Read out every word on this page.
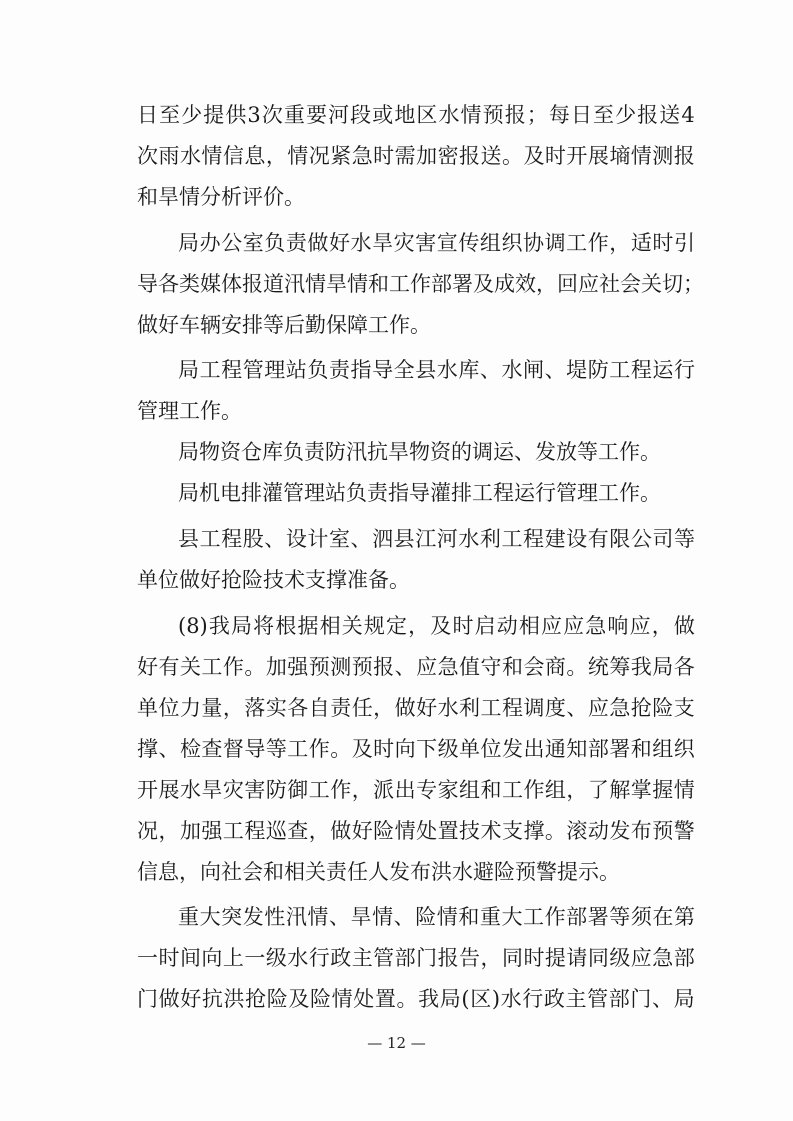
日 至 少 提 供 3 次 重 要 河 段 或 地 区 水 情 预 报 ； 每 日 至 少 报 送 4
次 雨 水 情 信 息 ， 情 况 紧 急 时 需 加 密 报 送 。 及 时 开 展 墒 情 测 报
和旱情分析评价。
局 办 公 室 负 责 做 好 水 旱 灾 害 宣 传 组 织 协 调 工 作 ， 适 时 引
导 各 类 媒 体 报 道 汛 情 旱 情 和 工 作 部 署 及 成 效 ， 回 应 社 会 关 切 ；
做好车辆安排等后勤保障工作。
局 工 程 管 理 站 负 责 指 导 全 县 水 库 、 水 闸 、 堤 防 工 程 运 行
管理工作。
局物资仓库负责防汛抗旱物资的调运、发放等工作。
局机电排灌管理站负责指导灌排工程运行管理工作。
县 工 程 股 、 设 计 室 、 泗 县 江 河 水 利 工 程 建 设 有 限 公 司 等
单位做好抢险技术支撑准备。
(8) 我 局 将 根 据 相 关 规 定 ， 及 时 启 动 相 应 应 急 响 应 ， 做
好 有 关 工 作 。 加 强 预 测 预 报 、 应 急 值 守 和 会 商 。 统 筹 我 局 各
单 位 力 量 ， 落 实 各 自 责 任 ， 做 好 水 利 工 程 调 度 、 应 急 抢 险 支
撑 、 检 查 督 导 等 工 作 。 及 时 向 下 级 单 位 发 出 通 知 部 署 和 组 织
开 展 水 旱 灾 害 防 御 工 作 ， 派 出 专 家 组 和 工 作 组 ， 了 解 掌 握 情
况 ， 加 强 工 程 巡 查 ， 做 好 险 情 处 置 技 术 支 撑 。 滚 动 发 布 预 警
信息，向社会和相关责任人发布洪水避险预警提示。
重 大 突 发 性 汛 情 、 旱 情 、 险 情 和 重 大 工 作 部 署 等 须 在 第
一 时 间 向 上 一 级 水 行 政 主 管 部 门 报 告 ， 同 时 提 请 同 级 应 急 部
门 做 好 抗 洪 抢 险 及 险 情 处 置 。 我 局 ( 区 ) 水 行 政 主 管 部 门 、 局
— 12 —
